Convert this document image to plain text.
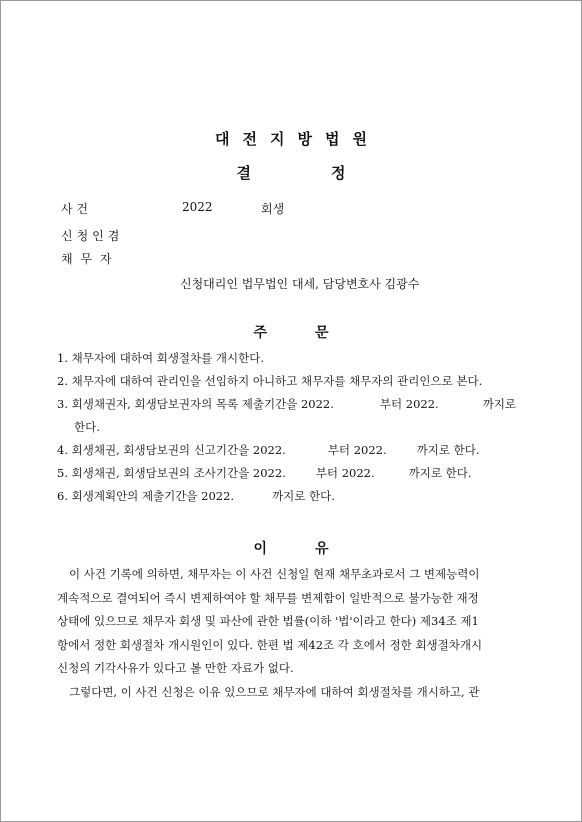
대전지방법원
결	정
사 건	2022	회생
신청인겸
채 무 자
신청대리인 법무법인 대세, 담당변호사 김광수
주	문
1. 채무자에 대하여 회생절차를 개시한다.
2. 채무자에 대하여 관리인을 선임하지 아니하고 채무자를 채무자의 관리인으로 본다.
3. 회생채권자, 회생담보권자의 목록 제출기간을 2022.	부터 2022.	까지로
한다.
4. 회생채권, 회생담보권의 신고기간을 2022.	부터 2022.	까지로 한다.
5. 회생채권, 회생담보권의 조사기간을 2022.	부터 2022.	까지로 한다.
6. 회생계획안의 제출기간을 2022.	까지로 한다.
이	유

이 사건 기록에 의하면, 채무자는 이 사건 신청일 현재 채무초과로서 그 변제능력이
계속적으로 결여되어 즉시 변제하여야 할 채무를 변제함이 일반적으로 불가능한 재정
상태에 있으므로 채무자 회생 및 파산에 관한 법률(이하 '법'이라고 한다) 제34조 제1
항에서 정한 회생절차 개시원인이 있다. 한편 법 제42조 각 호에서 정한 회생절차개시
신청의 기각사유가 있다고 볼 만한 자료가 없다.

그렇다면, 이 사건 신청은 이유 있으므로 채무자에 대하여 회생절차를 개시하고, 관
